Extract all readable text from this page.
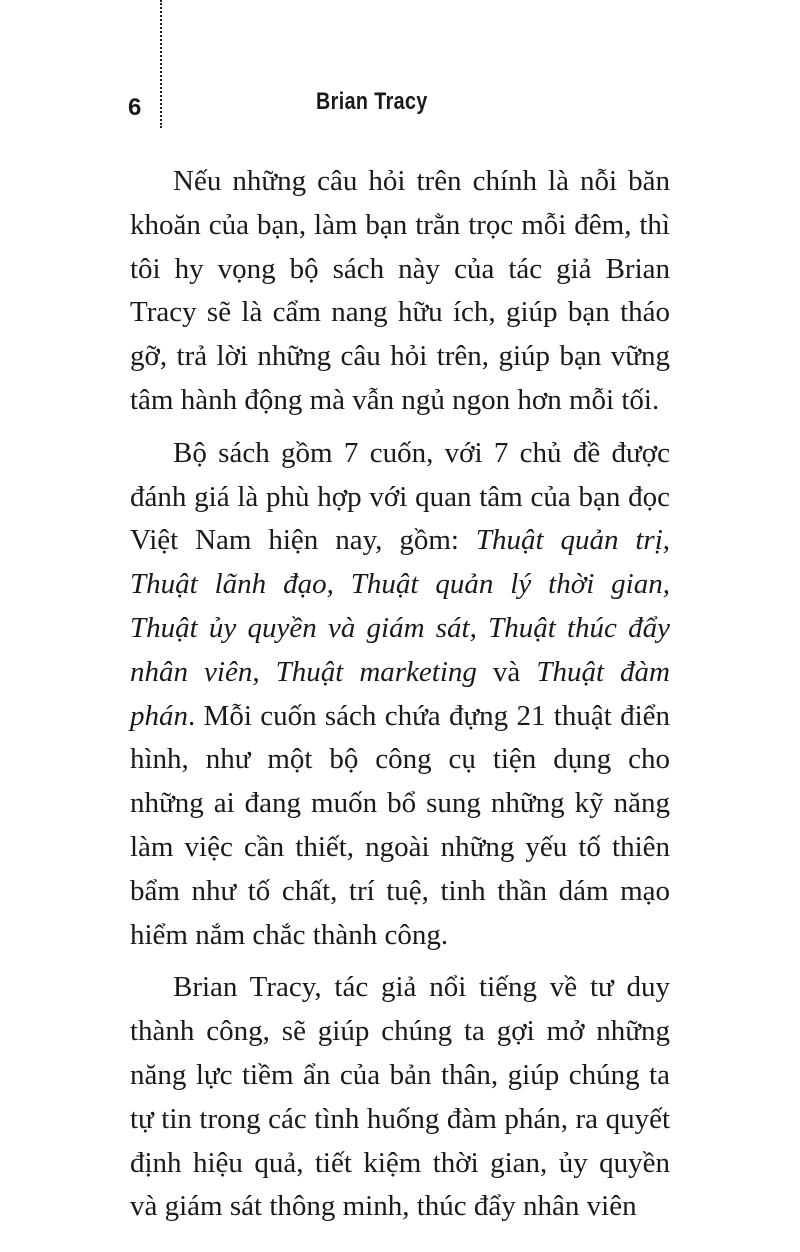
6	Brian Tracy

Nếu những câu hỏi trên chính là nỗi băn khoăn của bạn, làm bạn trằn trọc mỗi đêm, thì tôi hy vọng bộ sách này của tác giả Brian Tracy sẽ là cẩm nang hữu ích, giúp bạn tháo gỡ, trả lời những câu hỏi trên, giúp bạn vững tâm hành động mà vẫn ngủ ngon hơn mỗi tối.

Bộ sách gồm 7 cuốn, với 7 chủ đề được đánh giá là phù hợp với quan tâm của bạn đọc Việt Nam hiện nay, gồm: Thuật quản trị, Thuật lãnh đạo, Thuật quản lý thời gian, Thuật ủy quyền và giám sát, Thuật thúc đẩy nhân viên, Thuật marketing và Thuật đàm phán. Mỗi cuốn sách chứa đựng 21 thuật điển hình, như một bộ công cụ tiện dụng cho những ai đang muốn bổ sung những kỹ năng làm việc cần thiết, ngoài những yếu tố thiên bẩm như tố chất, trí tuệ, tinh thần dám mạo hiểm nắm chắc thành công.

Brian Tracy, tác giả nổi tiếng về tư duy thành công, sẽ giúp chúng ta gợi mở những năng lực tiềm ẩn của bản thân, giúp chúng ta tự tin trong các tình huống đàm phán, ra quyết định hiệu quả, tiết kiệm thời gian, ủy quyền và giám sát thông minh, thúc đẩy nhân viên
